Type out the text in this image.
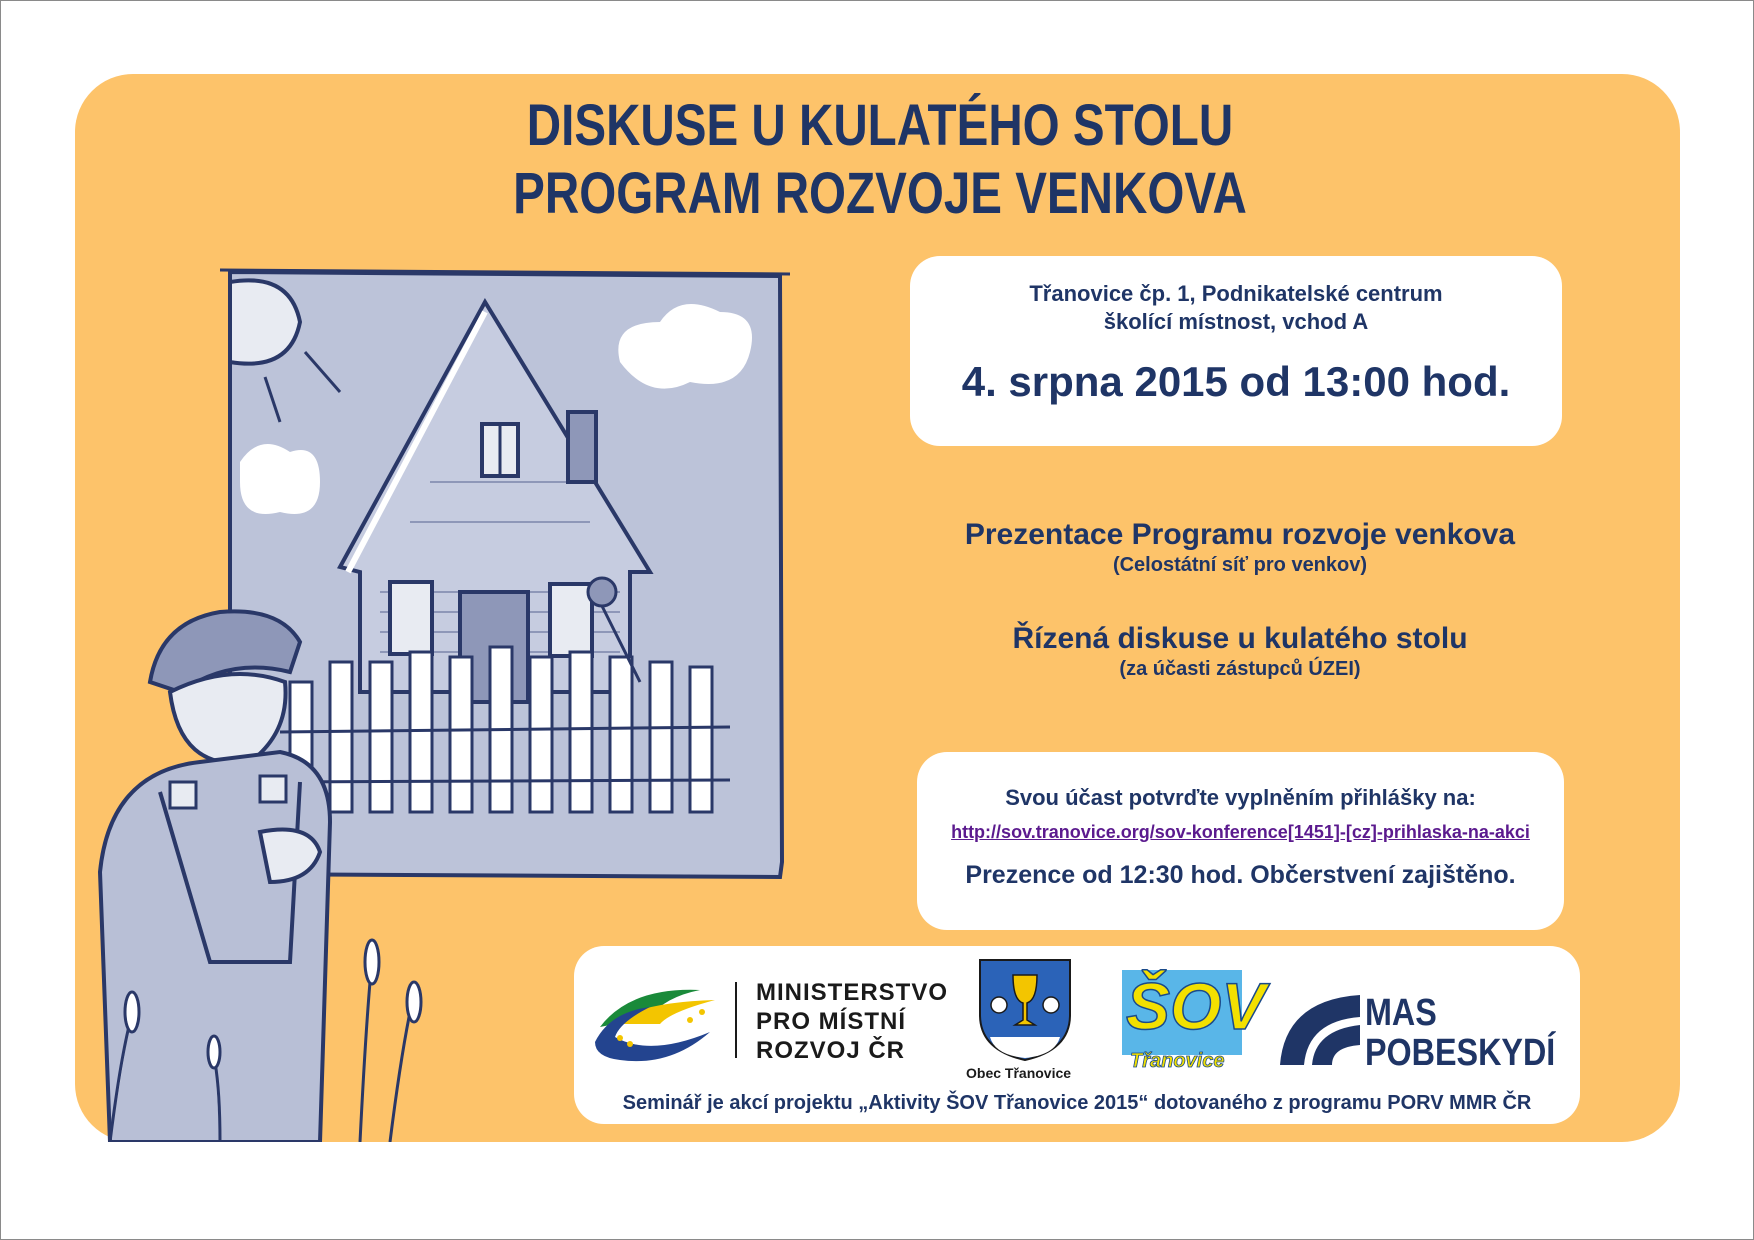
DISKUSE U KULATÉHO STOLU
PROGRAM ROZVOJE VENKOVA
Třanovice čp. 1, Podnikatelské centrum
školící místnost, vchod A
4. srpna 2015 od 13:00 hod.
Prezentace Programu rozvoje venkova
(Celostátní síť pro venkov)
Řízená diskuse u kulatého stolu
(za účasti zástupců ÚZEI)
Svou účast potvrďte vyplněním přihlášky na:
http://sov.tranovice.org/sov-konference[1451]-[cz]-prihlaska-na-akci
Prezence od 12:30 hod. Občerstvení zajištěno.
MINISTERSTVO
PRO MÍSTNÍ
ROZVOJ ČR
Obec Třanovice
ŠOV
Třanovice
MAS
POBESKYDÍ
Seminář je akcí projektu „Aktivity ŠOV Třanovice 2015“ dotovaného z programu PORV MMR ČR
